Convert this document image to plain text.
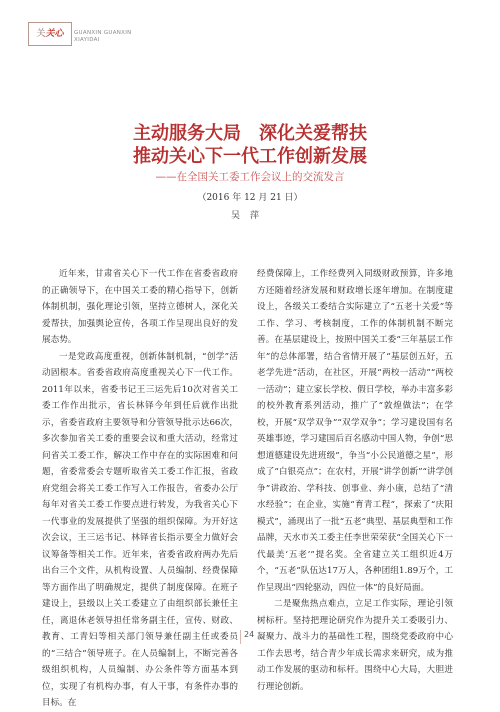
关关心	GUANXIN GUANXIN
XIAYIDAI
主动服务大局　深化关爱帮扶
推动关心下一代工作创新发展
——在全国关工委工作会议上的交流发言
（2016 年 12 月 21 日）
吴萍

近年来，甘肃省关心下一代工作在省委省政府的正确领导下，在中国关工委的精心指导下，创新体制机制，强化理论引领，坚持立德树人，深化关爱帮扶，加强舆论宣传，各项工作呈现出良好的发展态势。

一是党政高度重视，创新体制机制，“创学”活动固根本。省委省政府高度重视关心下一代工作。2011年以来，省委书记王三运先后10次对省关工委工作作出批示，省长林铎今年到任后就作出批示，省委省政府主要领导和分管领导批示达66次，多次参加省关工委的重要会议和重大活动，经常过问省关工委工作，解决工作中存在的实际困难和问题，省委常委会专题听取省关工委工作汇报，省政府党组会将关工委工作写入工作报告，省委办公厅每年对省关工委工作要点进行转发，为我省关心下一代事业的发展提供了坚强的组织保障。为开好这次会议，王三运书记、林铎省长指示要全力做好会议筹备等相关工作。近年来，省委省政府两办先后出台三个文件，从机构设置、人员编制、经费保障等方面作出了明确规定，提供了制度保障。在班子建设上，县级以上关工委建立了由组织部长兼任主任，离退休老领导担任常务副主任，宣传、财政、教育、工青妇等相关部门领导兼任副主任或委员的“三结合”领导班子。在人员编制上，不断完善各级组织机构，人员编制、办公条件等方面基本到位，实现了有机构办事，有人干事，有条件办事的目标。在

经费保障上，工作经费列入同级财政预算，许多地方还随着经济发展和财政增长逐年增加。在制度建设上，各级关工委结合实际建立了“五老十关爱”等工作、学习、考核制度，工作的体制机制不断完善。在基层建设上，按照中国关工委“三年基层工作年”的总体部署，结合省情开展了“基层创五好，五老学先进”活动，在社区，开展“两校一活动”“两校一活动”；建立家长学校、假日学校，举办丰富多彩的校外教育系列活动，推广了“敦煌做法”；在学校，开展“双学双争”“双学双争”；学习建设国有名英雄事迹，学习建国后百名感动中国人物，争创“思想道德建设先进班级”，争当“小公民道德之星”，形成了“白银亮点”；在农村，开展“讲学创新”“讲学创争”讲政治、学科技、创事业、奔小康，总结了“清水经验”；在企业，实施“育青工程”，探索了“庆阳模式”，涌现出了一批“五老”典型、基层典型和工作品牌，天水市关工委主任李世荣荣获“全国关心下一代最美‘五老’”提名奖。全省建立关工组织近4万个，“五老”队伍达17万人，各种团组1.89万个，工作呈现出“四轮驱动，四位一体”的良好局面。

二是聚焦热点难点，立足工作实际，理论引领树标杆。坚持把理论研究作为提升关工委吸引力、凝聚力、战斗力的基础性工程，围绕党委政府中心工作去思考，结合青少年成长需求来研究，成为推动工作发展的驱动和标杆。围绕中心大局，大胆进行理论创新。

24
